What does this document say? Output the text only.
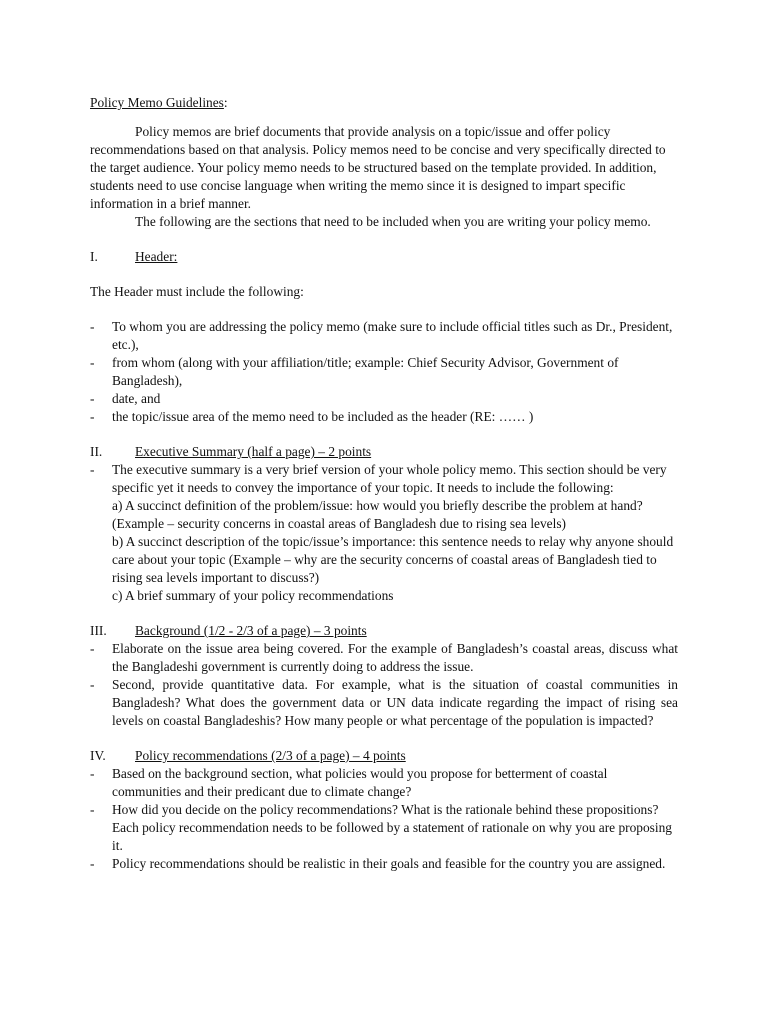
Policy Memo Guidelines:

Policy memos are brief documents that provide analysis on a topic/issue and offer policy recommendations based on that analysis. Policy memos need to be concise and very specifically directed to the target audience. Your policy memo needs to be structured based on the template provided. In addition, students need to use concise language when writing the memo since it is designed to impart specific information in a brief manner.

The following are the sections that need to be included when you are writing your policy memo.

I.	Header:

The Header must include the following:

- To whom you are addressing the policy memo (make sure to include official titles such as Dr., President, etc.),
- from whom (along with your affiliation/title; example: Chief Security Advisor, Government of Bangladesh),
- date, and
- the topic/issue area of the memo need to be included as the header (RE: …… )
II.	Executive Summary (half a page) – 2 points
- The executive summary is a very brief version of your whole policy memo. This section should be very specific yet it needs to convey the importance of your topic. It needs to include the following:
a) A succinct definition of the problem/issue: how would you briefly describe the problem at hand? (Example – security concerns in coastal areas of Bangladesh due to rising sea levels)
b) A succinct description of the topic/issue’s importance: this sentence needs to relay why anyone should care about your topic (Example – why are the security concerns of coastal areas of Bangladesh tied to rising sea levels important to discuss?)
c) A brief summary of your policy recommendations
III.	Background (1/2 - 2/3 of a page) – 3 points
- Elaborate on the issue area being covered. For the example of Bangladesh’s coastal areas, discuss what the Bangladeshi government is currently doing to address the issue.
- Second, provide quantitative data. For example, what is the situation of coastal communities in Bangladesh? What does the government data or UN data indicate regarding the impact of rising sea levels on coastal Bangladeshis? How many people or what percentage of the population is impacted?
IV.	Policy recommendations (2/3 of a page) – 4 points
- Based on the background section, what policies would you propose for betterment of coastal communities and their predicant due to climate change?
- How did you decide on the policy recommendations? What is the rationale behind these propositions? Each policy recommendation needs to be followed by a statement of rationale on why you are proposing it.
- Policy recommendations should be realistic in their goals and feasible for the country you are assigned.
